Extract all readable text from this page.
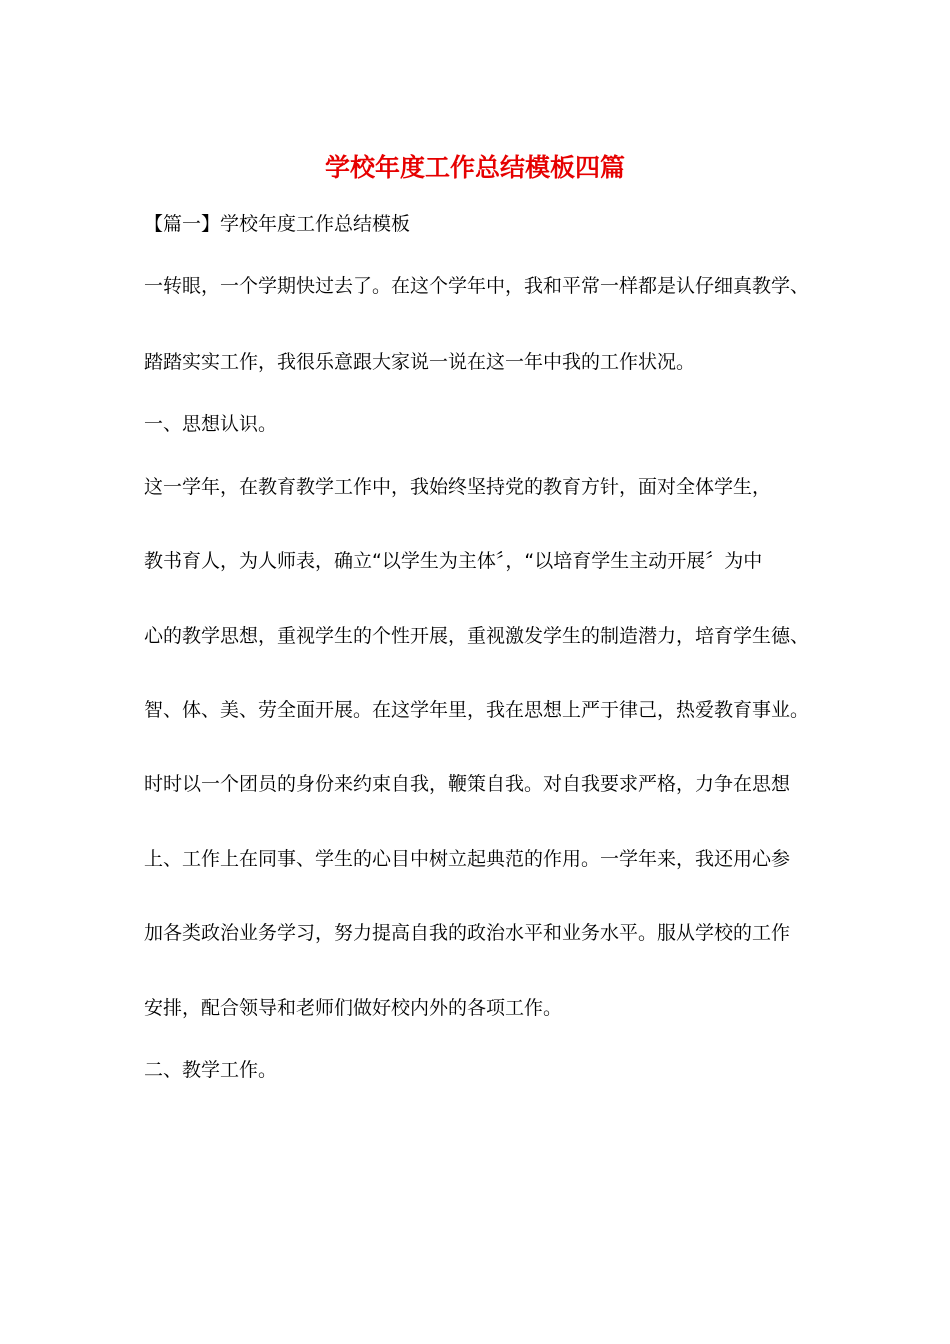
学校年度工作总结模板四篇
【篇一】学校年度工作总结模板
一转眼，一个学期快过去了。在这个学年中，我和平常一样都是认仔细真教学、
踏踏实实工作，我很乐意跟大家说一说在这一年中我的工作状况。
一、思想认识。
这一学年，在教育教学工作中，我始终坚持党的教育方针，面对全体学生，
教书育人，为人师表，确立“以学生为主体〞，“以培育学生主动开展〞为中
心的教学思想，重视学生的个性开展，重视激发学生的制造潜力，培育学生德、
智、体、美、劳全面开展。在这学年里，我在思想上严于律己，热爱教育事业。
时时以一个团员的身份来约束自我，鞭策自我。对自我要求严格，力争在思想
上、工作上在同事、学生的心目中树立起典范的作用。一学年来，我还用心参
加各类政治业务学习，努力提高自我的政治水平和业务水平。服从学校的工作
安排，配合领导和老师们做好校内外的各项工作。
二、教学工作。
